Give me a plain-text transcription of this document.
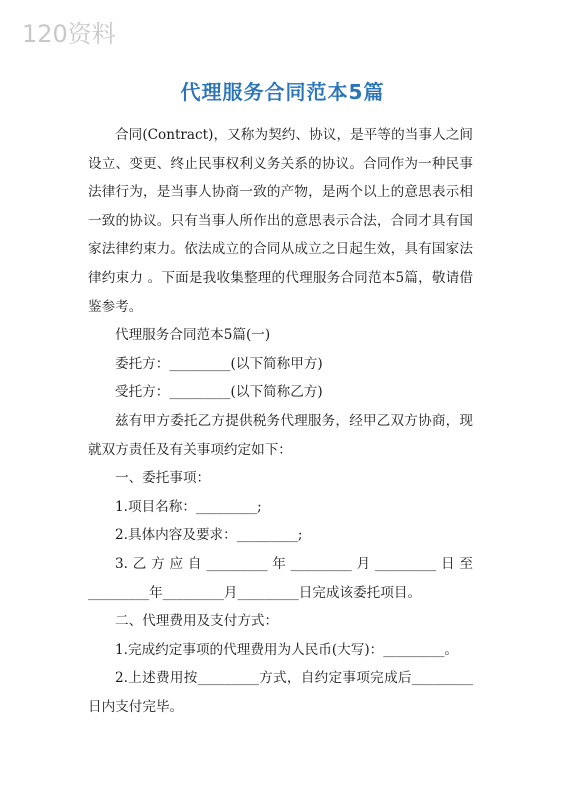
120资料
代理服务合同范本5篇

合同(Contract)，又称为契约、协议，是平等的当事人之间设立、变更、终止民事权利义务关系的协议。合同作为一种民事法律行为，是当事人协商一致的产物，是两个以上的意思表示相一致的协议。只有当事人所作出的意思表示合法，合同才具有国家法律约束力。依法成立的合同从成立之日起生效，具有国家法律约束力 。下面是我收集整理的代理服务合同范本5篇，敬请借鉴参考。

代理服务合同范本5篇(一)

委托方：_________(以下简称甲方)

受托方：_________(以下简称乙方)

兹有甲方委托乙方提供税务代理服务，经甲乙双方协商，现就双方责任及有关事项约定如下：

一、委托事项：

1.项目名称：_________;

2.具体内容及要求：_________;

3.乙方应自_________年_________月_________日至_________年_________月_________日完成该委托项目。

二、代理费用及支付方式：

1.完成约定事项的代理费用为人民币(大写)：_________。

2.上述费用按_________方式，自约定事项完成后_________日内支付完毕。
